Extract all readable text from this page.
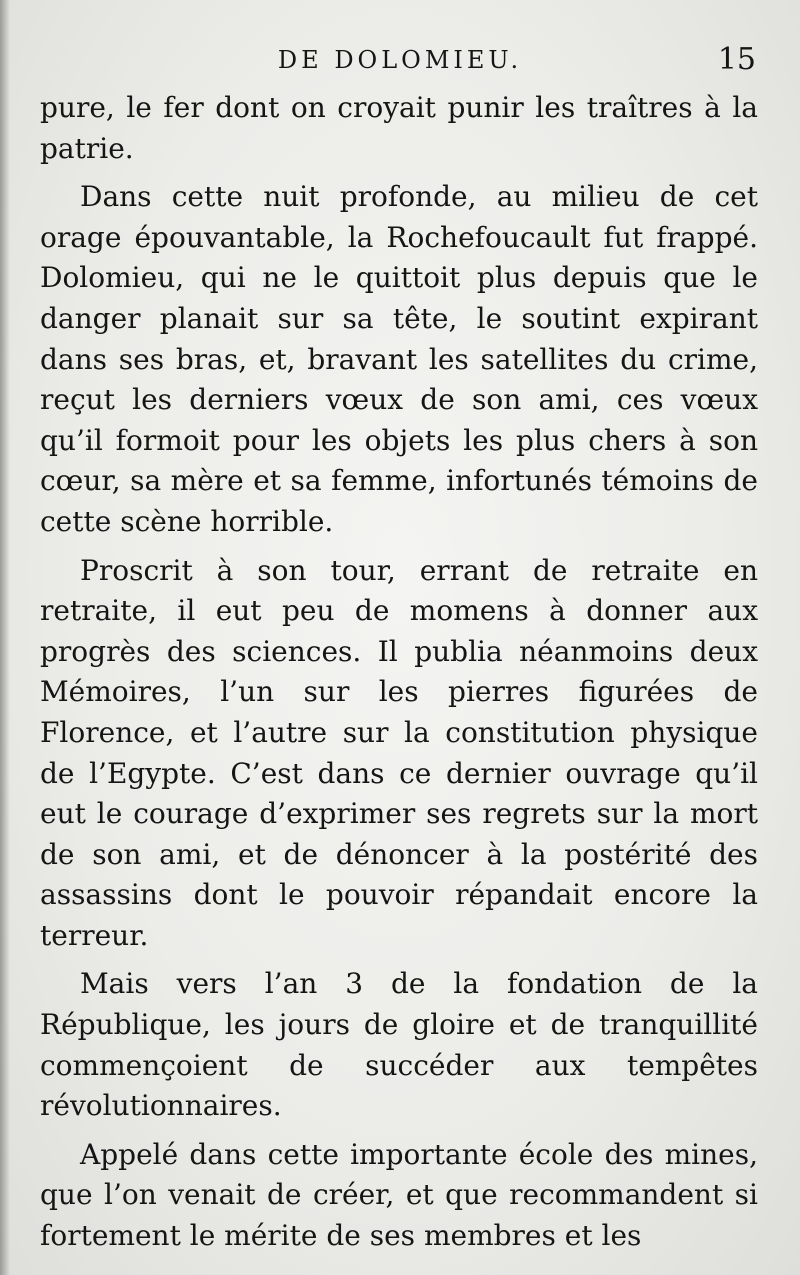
DE DOLOMIEU.	15

pure, le fer dont on croyait punir les traîtres à la patrie.

Dans cette nuit profonde, au milieu de cet orage épouvantable, la Rochefoucault fut frappé. Dolomieu, qui ne le quittoit plus depuis que le danger planait sur sa tête, le soutint expirant dans ses bras, et, bravant les satellites du crime, reçut les derniers vœux de son ami, ces vœux qu’il formoit pour les objets les plus chers à son cœur, sa mère et sa femme, infortunés témoins de cette scène horrible.

Proscrit à son tour, errant de retraite en retraite, il eut peu de momens à donner aux progrès des sciences. Il publia néanmoins deux Mémoires, l’un sur les pierres figurées de Florence, et l’autre sur la constitution physique de l’Egypte. C’est dans ce dernier ouvrage qu’il eut le courage d’exprimer ses regrets sur la mort de son ami, et de dénoncer à la postérité des assassins dont le pouvoir répandait encore la terreur.

Mais vers l’an 3 de la fondation de la République, les jours de gloire et de tranquillité commençoient de succéder aux tempêtes révolutionnaires.

Appelé dans cette importante école des mines, que l’on venait de créer, et que recommandent si fortement le mérite de ses membres et les
